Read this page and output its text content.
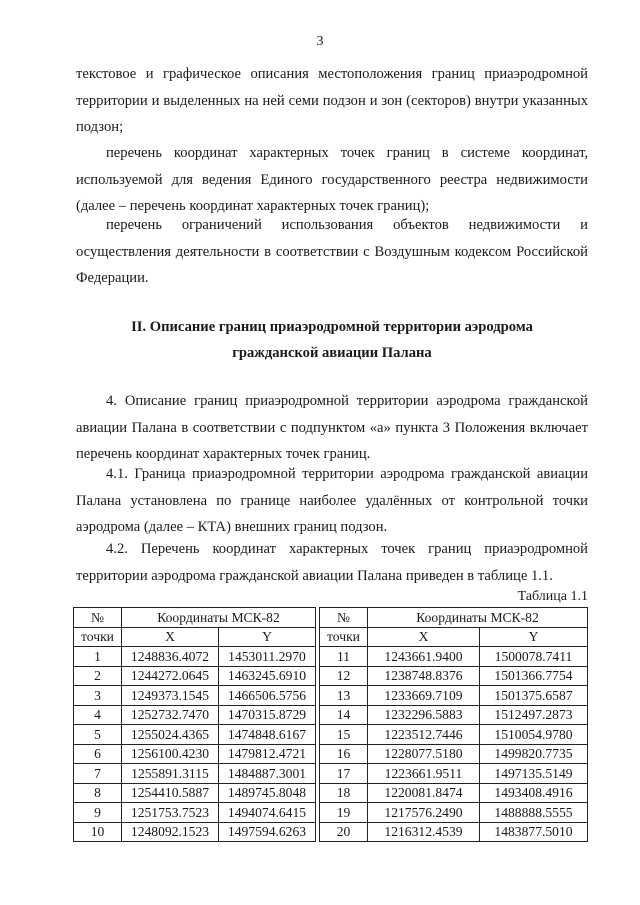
3

текстовое и графическое описания местоположения границ приаэродромной территории и выделенных на ней семи подзон и зон (секторов) внутри указанных подзон;

перечень координат характерных точек границ в системе координат, используемой для ведения Единого государственного реестра недвижимости (далее – перечень координат характерных точек границ);

перечень ограничений использования объектов недвижимости и осуществления деятельности в соответствии с Воздушным кодексом Российской Федерации.

II. Описание границ приаэродромной территории аэродрома
гражданской авиации Палана

4. Описание границ приаэродромной территории аэродрома гражданской авиации Палана в соответствии с подпунктом «а» пункта 3 Положения включает перечень координат характерных точек границ.

4.1. Граница приаэродромной территории аэродрома гражданской авиации Палана установлена по границе наиболее удалённых от контрольной точки аэродрома (далее – КТА) внешних границ подзон.

4.2. Перечень координат характерных точек границ приаэродромной территории аэродрома гражданской авиации Палана приведен в таблице 1.1.

Таблица 1.1
№	Координаты МСК-82	
точки	X	Y
1	1248836.4072	1453011.2970
2	1244272.0645	1463245.6910
3	1249373.1545	1466506.5756
4	1252732.7470	1470315.8729
5	1255024.4365	1474848.6167
6	1256100.4230	1479812.4721
7	1255891.3115	1484887.3001
8	1254410.5887	1489745.8048
9	1251753.7523	1494074.6415
10	1248092.1523	1497594.6263
№	Координаты МСК-82	
точки	X	Y
11	1243661.9400	1500078.7411
12	1238748.8376	1501366.7754
13	1233669.7109	1501375.6587
14	1232296.5883	1512497.2873
15	1223512.7446	1510054.9780
16	1228077.5180	1499820.7735
17	1223661.9511	1497135.5149
18	1220081.8474	1493408.4916
19	1217576.2490	1488888.5555
20	1216312.4539	1483877.5010
